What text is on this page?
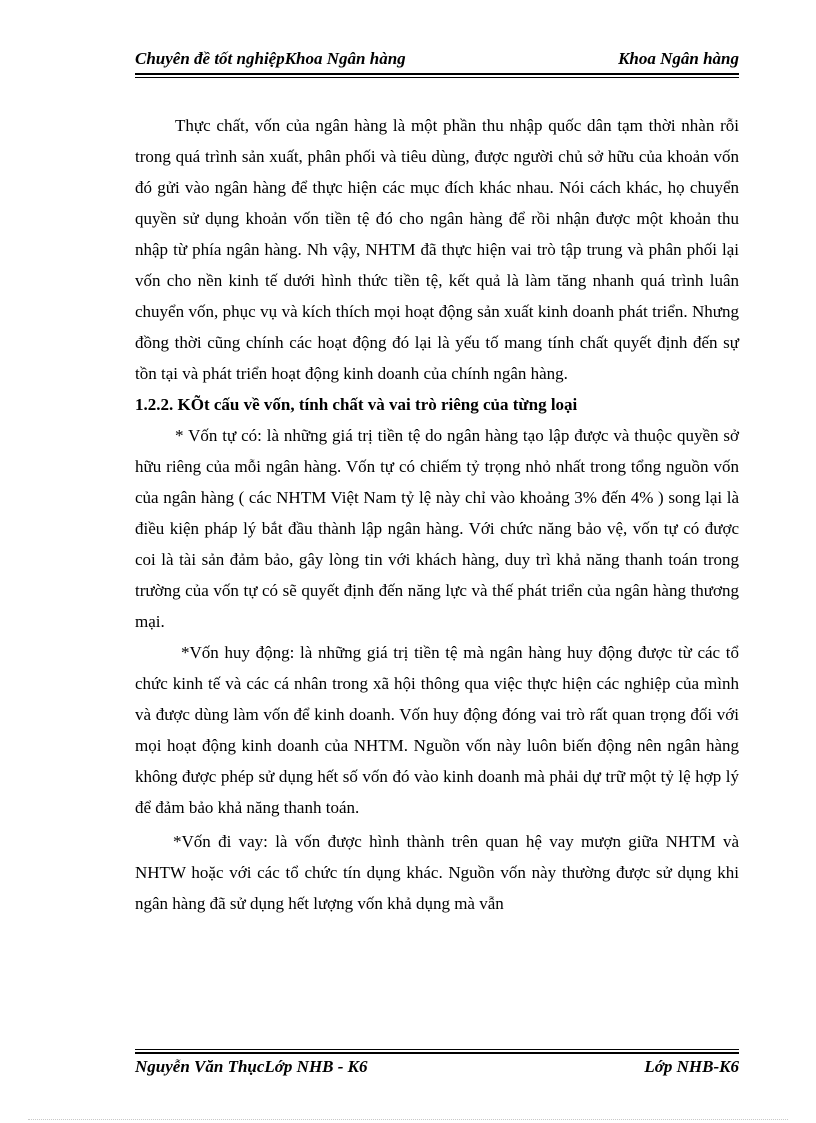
Chuyên đề tốt nghiệpKhoa Ngân hàng	Khoa Ngân hàng

Thực chất, vốn của ngân hàng là một phần thu nhập quốc dân tạm thời nhàn rỗi trong quá trình sản xuất, phân phối và tiêu dùng, được người chủ sở hữu của khoản vốn đó gửi vào ngân hàng để thực hiện các mục đích khác nhau. Nói cách khác, họ chuyển quyền sử dụng khoản vốn tiền tệ đó cho ngân hàng để rồi nhận được một khoản thu nhập từ phía ngân hàng. Nh vậy, NHTM đã thực hiện vai trò tập trung và phân phối lại vốn cho nền kinh tế dưới hình thức tiền tệ, kết quả là làm tăng nhanh quá trình luân chuyển vốn, phục vụ và kích thích mọi hoạt động sản xuất kinh doanh phát triển. Nhưng đồng thời cũng chính các hoạt động đó lại là yếu tố mang tính chất quyết định đến sự tồn tại và phát triển hoạt động kinh doanh của chính ngân hàng.

1.2.2. KÕt cấu về vốn, tính chất và vai trò riêng của từng loại

* Vốn tự có: là những giá trị tiền tệ do ngân hàng tạo lập được và thuộc quyền sở hữu riêng của mỗi ngân hàng. Vốn tự có chiếm tỷ trọng nhỏ nhất trong tổng nguồn vốn của ngân hàng ( các NHTM Việt Nam tỷ lệ này chỉ vào khoảng 3% đến 4% ) song lại là điều kiện pháp lý bắt đầu thành lập ngân hàng. Với chức năng bảo vệ, vốn tự có được coi là tài sản đảm bảo, gây lòng tin với khách hàng, duy trì khả năng thanh toán trong trường của vốn tự có sẽ quyết định đến năng lực và thế phát triển của ngân hàng thương mại.

*Vốn huy động: là những giá trị tiền tệ mà ngân hàng huy động được từ các tổ chức kinh tế và các cá nhân trong xã hội thông qua việc thực hiện các nghiệp của mình và được dùng làm vốn để kinh doanh. Vốn huy động đóng vai trò rất quan trọng đối với mọi hoạt động kinh doanh của NHTM. Nguồn vốn này luôn biến động nên ngân hàng không được phép sử dụng hết số vốn đó vào kinh doanh mà phải dự trữ một tỷ lệ hợp lý để đảm bảo khả năng thanh toán.

*Vốn đi vay: là vốn được hình thành trên quan hệ vay mượn giữa NHTM và NHTW hoặc với các tổ chức tín dụng khác. Nguồn vốn này thường được sử dụng khi ngân hàng đã sử dụng hết lượng vốn khả dụng mà vẫn

Nguyễn Văn ThụcLớp NHB - K6	Lớp NHB-K6
